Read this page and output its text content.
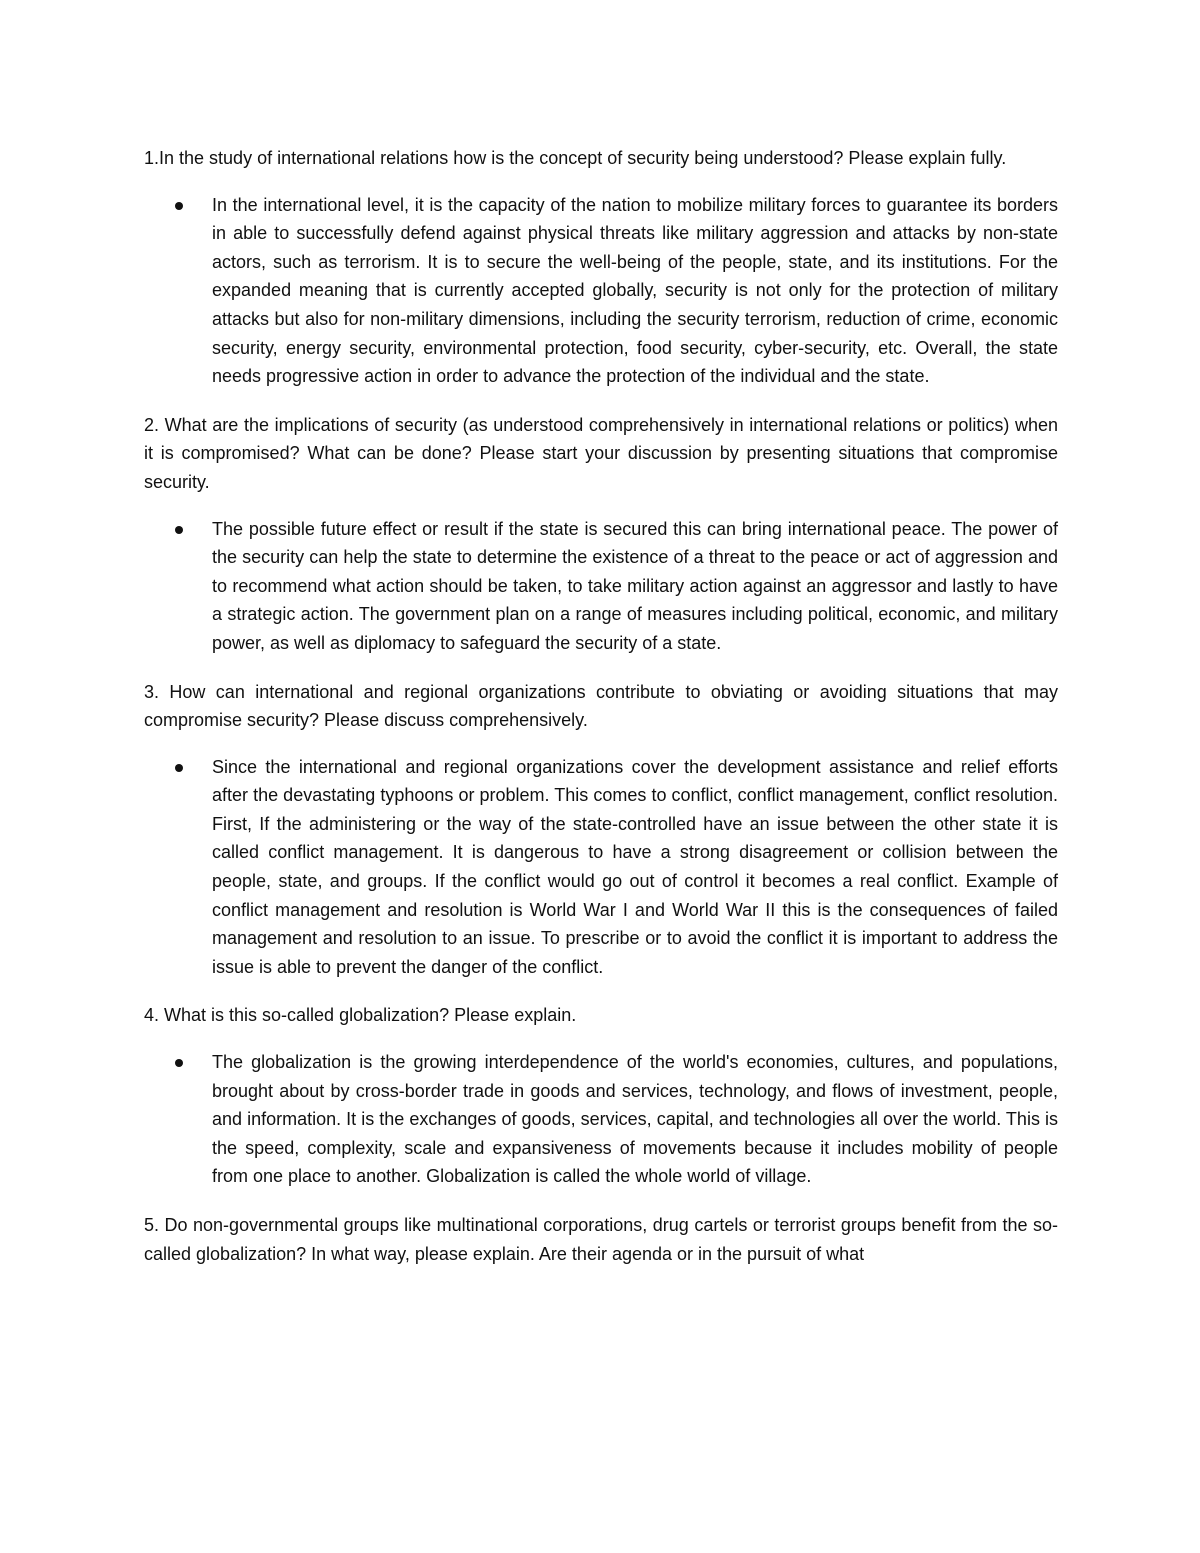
1.In the study of international relations how is the concept of security being understood? Please explain fully.

In the international level, it is the capacity of the nation to mobilize military forces to guarantee its borders in able to successfully defend against physical threats like military aggression and attacks by non-state actors, such as terrorism. It is to secure the well-being of the people, state, and its institutions. For the expanded meaning that is currently accepted globally, security is not only for the protection of military attacks but also for non-military dimensions, including the security terrorism, reduction of crime, economic security, energy security, environmental protection, food security, cyber-security, etc. Overall, the state needs progressive action in order to advance the protection of the individual and the state.

2. What are the implications of security (as understood comprehensively in international relations or politics) when it is compromised? What can be done? Please start your discussion by presenting situations that compromise security.

The possible future effect or result if the state is secured this can bring international peace. The power of the security can help the state to determine the existence of a threat to the peace or act of aggression and to recommend what action should be taken, to take military action against an aggressor and lastly to have a strategic action. The government plan on a range of measures including political, economic, and military power, as well as diplomacy to safeguard the security of a state.

3. How can international and regional organizations contribute to obviating or avoiding situations that may compromise security? Please discuss comprehensively.

Since the international and regional organizations cover the development assistance and relief efforts after the devastating typhoons or problem. This comes to conflict, conflict management, conflict resolution. First, If the administering or the way of the state-controlled have an issue between the other state it is called conflict management. It is dangerous to have a strong disagreement or collision between the people, state, and groups. If the conflict would go out of control it becomes a real conflict. Example of conflict management and resolution is World War I and World War II this is the consequences of failed management and resolution to an issue. To prescribe or to avoid the conflict it is important to address the issue is able to prevent the danger of the conflict.

4. What is this so-called globalization? Please explain.

The globalization is the growing interdependence of the world's economies, cultures, and populations, brought about by cross-border trade in goods and services, technology, and flows of investment, people, and information. It is the exchanges of goods, services, capital, and technologies all over the world. This is the speed, complexity, scale and expansiveness of movements because it includes mobility of people from one place to another. Globalization is called the whole world of village.

5. Do non-governmental groups like multinational corporations, drug cartels or terrorist groups benefit from the so-called globalization? In what way, please explain. Are their agenda or in the pursuit of what
